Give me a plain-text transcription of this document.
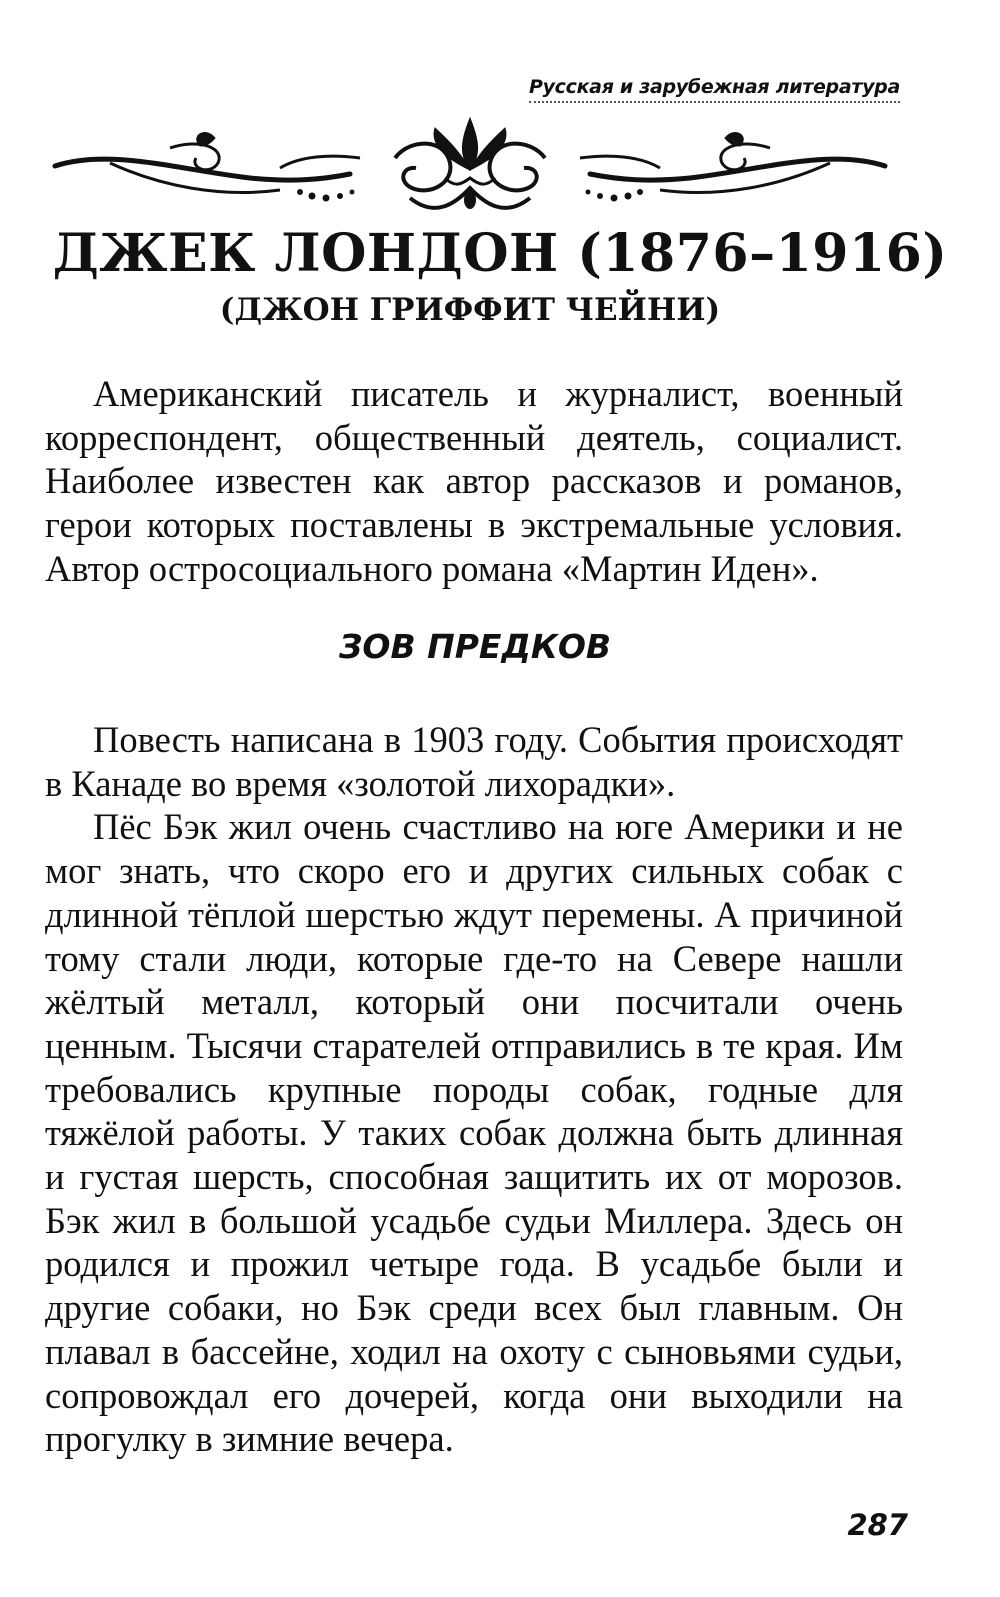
Русская и зарубежная литература
ДЖЕК ЛОНДОН (1876–1916)
(ДЖОН ГРИФФИТ ЧЕЙНИ)

Американский писатель и журналист, военный корреспондент, общественный деятель, социалист. Наиболее известен как автор рассказов и романов, герои которых поставлены в экстремальные условия. Автор остросоциального романа «Мартин Иден».

ЗОВ ПРЕДКОВ

Повесть написана в 1903 году. События происходят в Канаде во время «золотой лихорадки».

Пёс Бэк жил очень счастливо на юге Америки и не мог знать, что скоро его и других сильных собак с длинной тёплой шерстью ждут перемены. А причиной тому стали люди, которые где-то на Севере нашли жёлтый металл, который они посчитали очень ценным. Тысячи старателей отправились в те края. Им требовались крупные породы собак, годные для тяжёлой работы. У таких собак должна быть длинная и густая шерсть, способная защитить их от морозов. Бэк жил в большой усадьбе судьи Миллера. Здесь он родился и прожил четыре года. В усадьбе были и другие собаки, но Бэк среди всех был главным. Он плавал в бассейне, ходил на охоту с сыновьями судьи, сопровождал его дочерей, когда они выходили на прогулку в зимние вечера.

287
